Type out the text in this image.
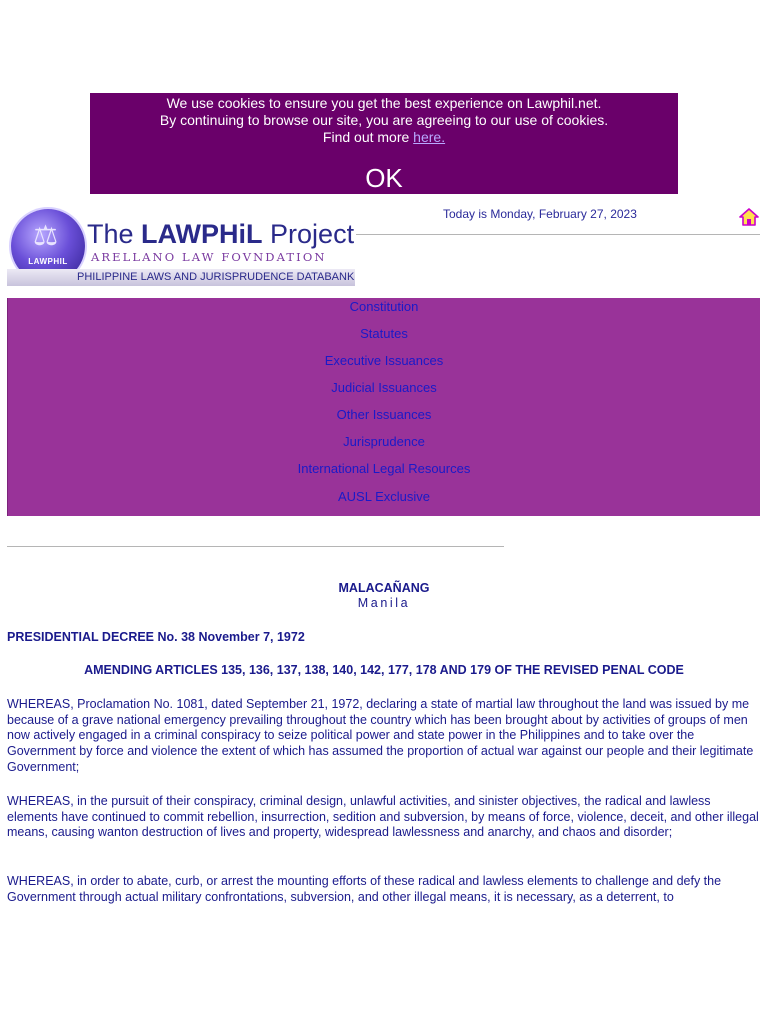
We use cookies to ensure you get the best experience on Lawphil.net.
By continuing to browse our site, you are agreeing to our use of cookies.
Find out more here.
OK
⚖
LAWPHIL
The LAWPHiL Project
ARELLANO LAW FOVNDATION
PHILIPPINE LAWS AND JURISPRUDENCE DATABANK
Today is Monday, February 27, 2023
Constitution
Statutes
Executive Issuances
Judicial Issuances
Other Issuances
Jurisprudence
International Legal Resources
AUSL Exclusive
MALACAÑANG
Manila
PRESIDENTIAL DECREE No. 38 November 7, 1972
AMENDING ARTICLES 135, 136, 137, 138, 140, 142, 177, 178 AND 179 OF THE REVISED PENAL CODE

WHEREAS, Proclamation No. 1081, dated September 21, 1972, declaring a state of martial law throughout the land was issued by me because of a grave national emergency prevailing throughout the country which has been brought about by activities of groups of men now actively engaged in a criminal conspiracy to seize political power and state power in the Philippines and to take over the Government by force and violence the extent of which has assumed the proportion of actual war against our people and their legitimate Government;

WHEREAS, in the pursuit of their conspiracy, criminal design, unlawful activities, and sinister objectives, the radical and lawless elements have continued to commit rebellion, insurrection, sedition and subversion, by means of force, violence, deceit, and other illegal means, causing wanton destruction of lives and property, widespread lawlessness and anarchy, and chaos and disorder;

WHEREAS, in order to abate, curb, or arrest the mounting efforts of these radical and lawless elements to challenge and defy the Government through actual military confrontations, subversion, and other illegal means, it is necessary, as a deterrent, to
